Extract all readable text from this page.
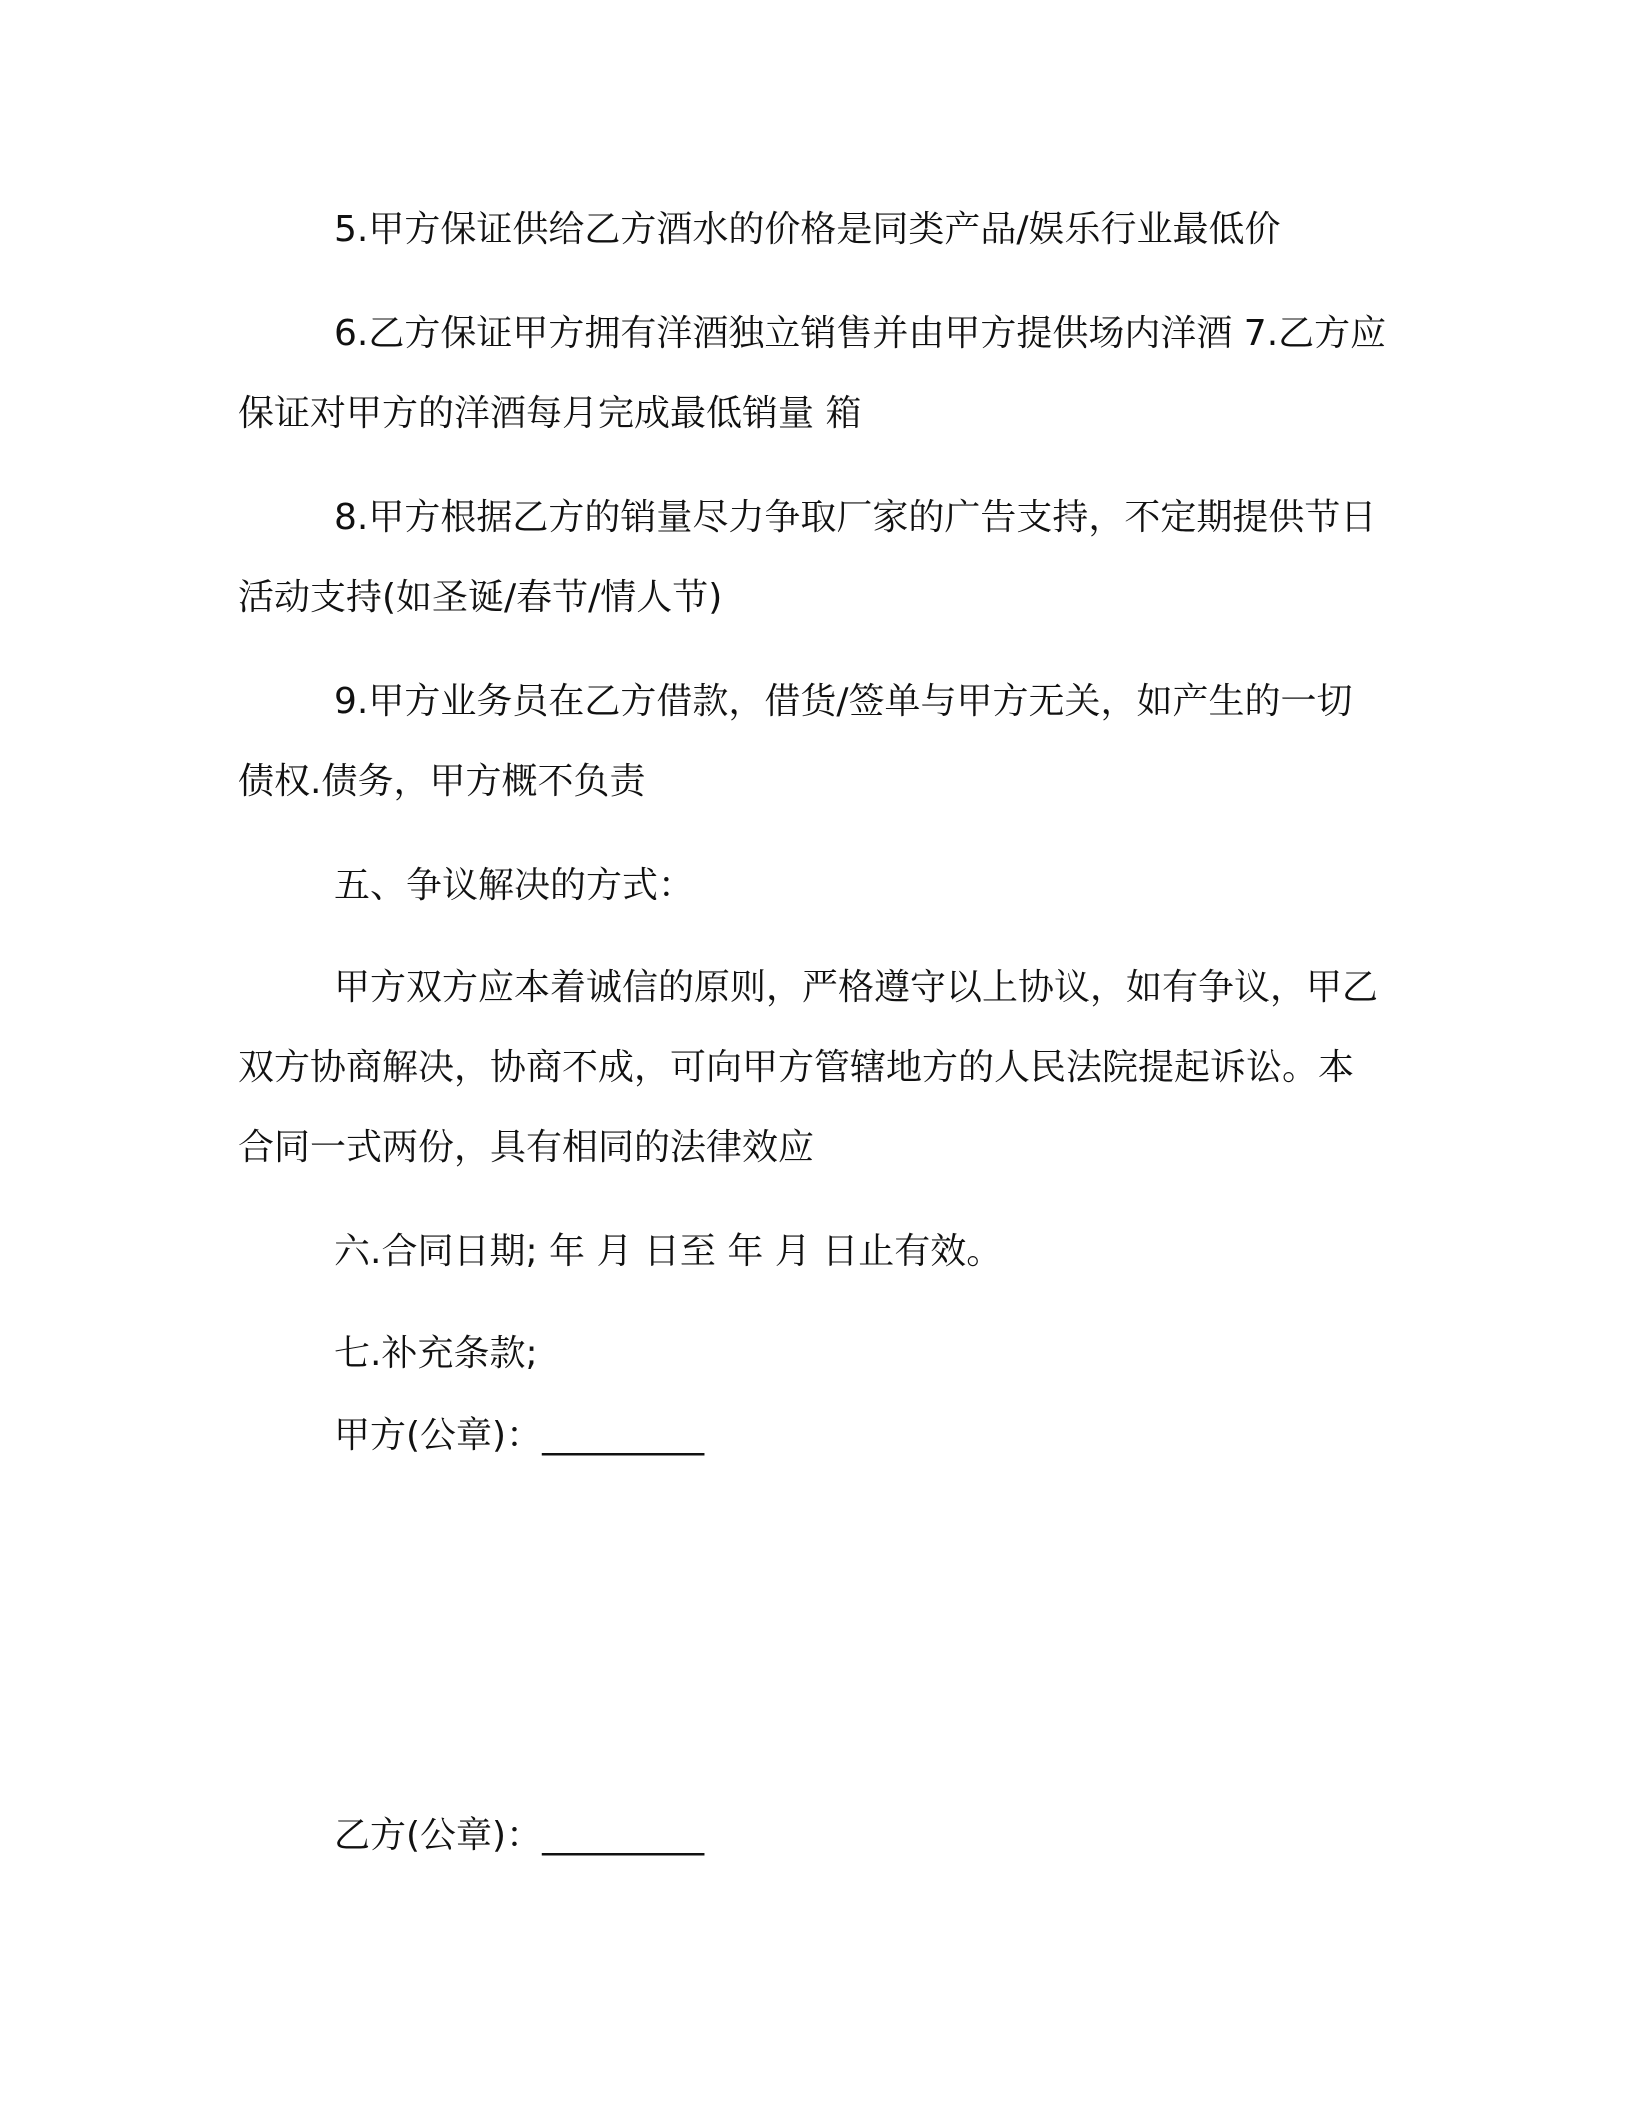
5.甲方保证供给乙方酒水的价格是同类产品/娱乐行业最低价

6.乙方保证甲方拥有洋酒独立销售并由甲方提供场内洋酒 7.乙方应保证对甲方的洋酒每月完成最低销量 箱

8.甲方根据乙方的销量尽力争取厂家的广告支持，不定期提供节日活动支持(如圣诞/春节/情人节)

9.甲方业务员在乙方借款，借货/签单与甲方无关，如产生的一切债权.债务，甲方概不负责

五、争议解决的方式：

甲方双方应本着诚信的原则，严格遵守以上协议，如有争议，甲乙双方协商解决，协商不成，可向甲方管辖地方的人民法院提起诉讼。本合同一式两份，具有相同的法律效应

六.合同日期; 年 月 日至 年 月 日止有效。

七.补充条款;

甲方(公章)：_________
乙方(公章)：_________
